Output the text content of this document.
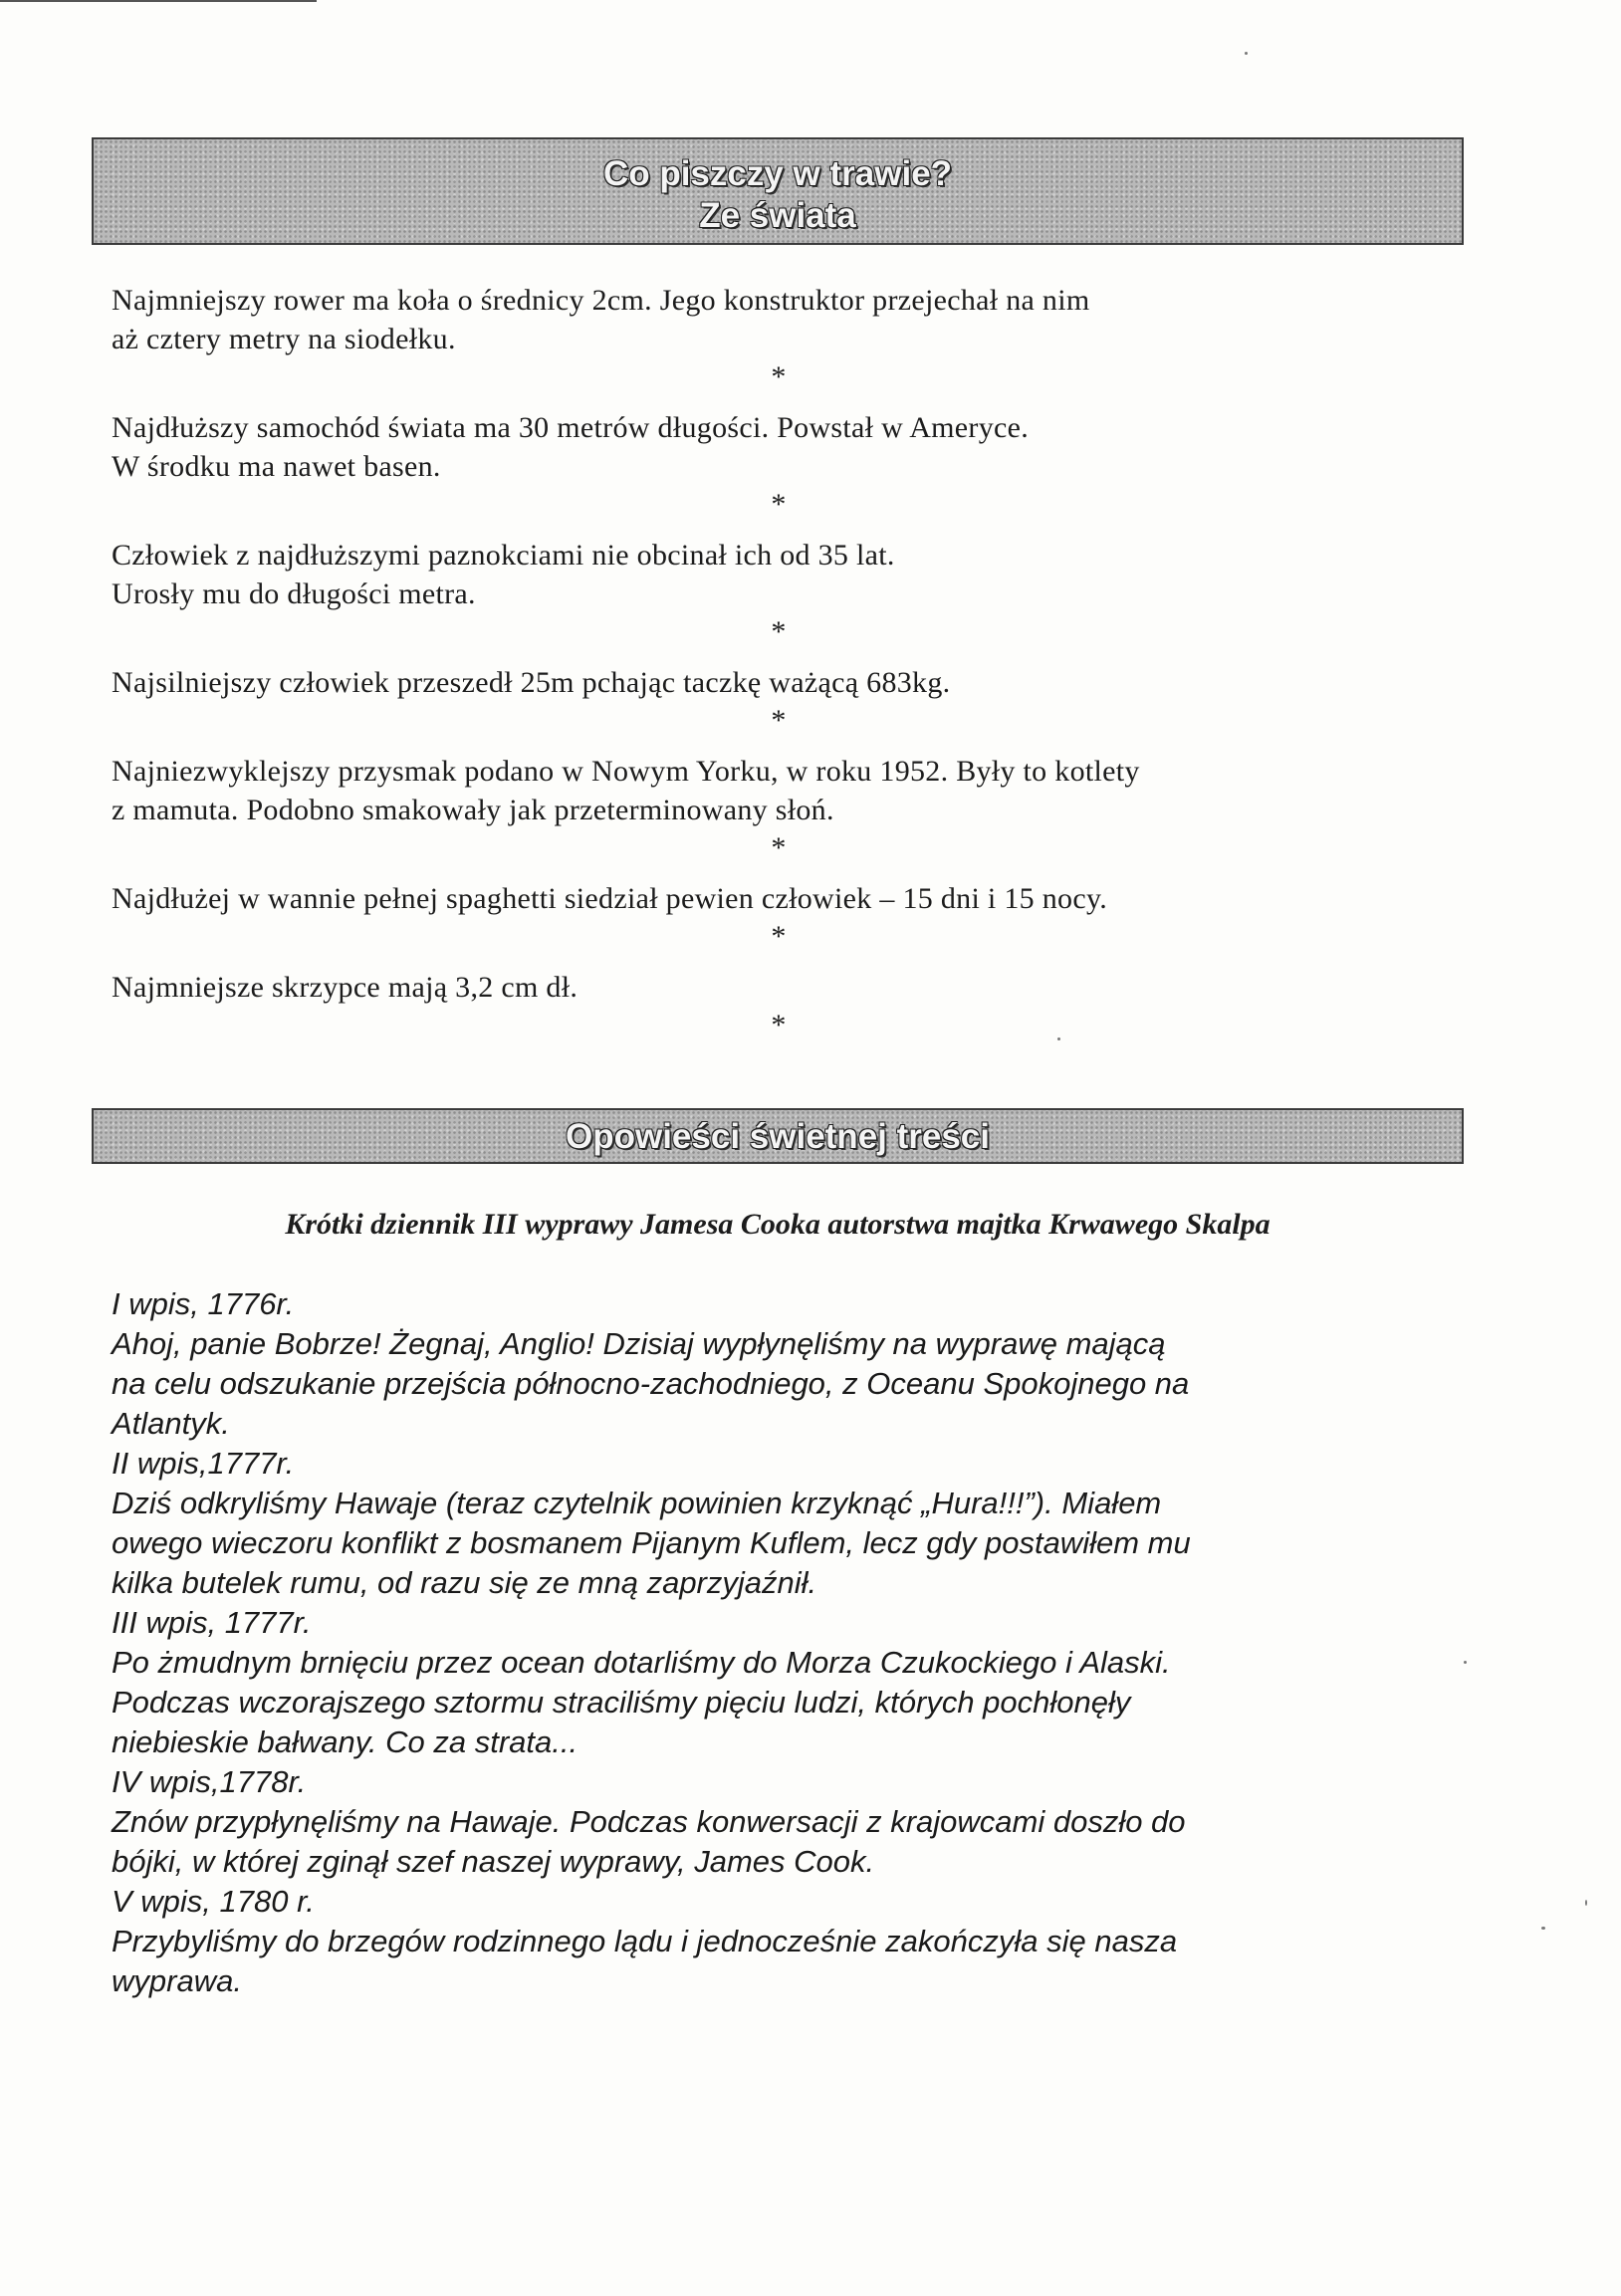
Co piszczy w trawie?
Ze świata

Najmniejszy rower ma koła o średnicy 2cm. Jego konstruktor przejechał na nim
aż cztery metry na siodełku.

*

Najdłuższy samochód świata ma 30 metrów długości. Powstał w Ameryce.
W środku ma nawet basen.

*

Człowiek z najdłuższymi paznokciami nie obcinał ich od 35 lat.
Urosły mu do długości metra.

*

Najsilniejszy człowiek przeszedł 25m pchając taczkę ważącą 683kg.

*

Najniezwyklejszy przysmak podano w Nowym Yorku, w roku 1952. Były to kotlety
z mamuta. Podobno smakowały jak przeterminowany słoń.

*

Najdłużej w wannie pełnej spaghetti siedział pewien człowiek – 15 dni i 15 nocy.

*

Najmniejsze skrzypce mają 3,2 cm dł.

*
Opowieści świetnej treści
Krótki dziennik III wyprawy Jamesa Cooka autorstwa majtka Krwawego Skalpa
I wpis, 1776r.
Ahoj, panie Bobrze! Żegnaj, Anglio! Dzisiaj wypłynęliśmy na wyprawę mającą
na celu odszukanie przejścia północno-zachodniego, z Oceanu Spokojnego na
Atlantyk.
II wpis,1777r.
Dziś odkryliśmy Hawaje (teraz czytelnik powinien krzyknąć „Hura!!!”). Miałem
owego wieczoru konflikt z bosmanem Pijanym Kuflem, lecz gdy postawiłem mu
kilka butelek rumu, od razu się ze mną zaprzyjaźnił.
III wpis, 1777r.
Po żmudnym brnięciu przez ocean dotarliśmy do Morza Czukockiego i Alaski.
Podczas wczorajszego sztormu straciliśmy pięciu ludzi, których pochłonęły
niebieskie bałwany. Co za strata...
IV wpis,1778r.
Znów przypłynęliśmy na Hawaje. Podczas konwersacji z krajowcami doszło do
bójki, w której zginął szef naszej wyprawy, James Cook.
V wpis, 1780 r.
Przybyliśmy do brzegów rodzinnego lądu i jednocześnie zakończyła się nasza
wyprawa.
